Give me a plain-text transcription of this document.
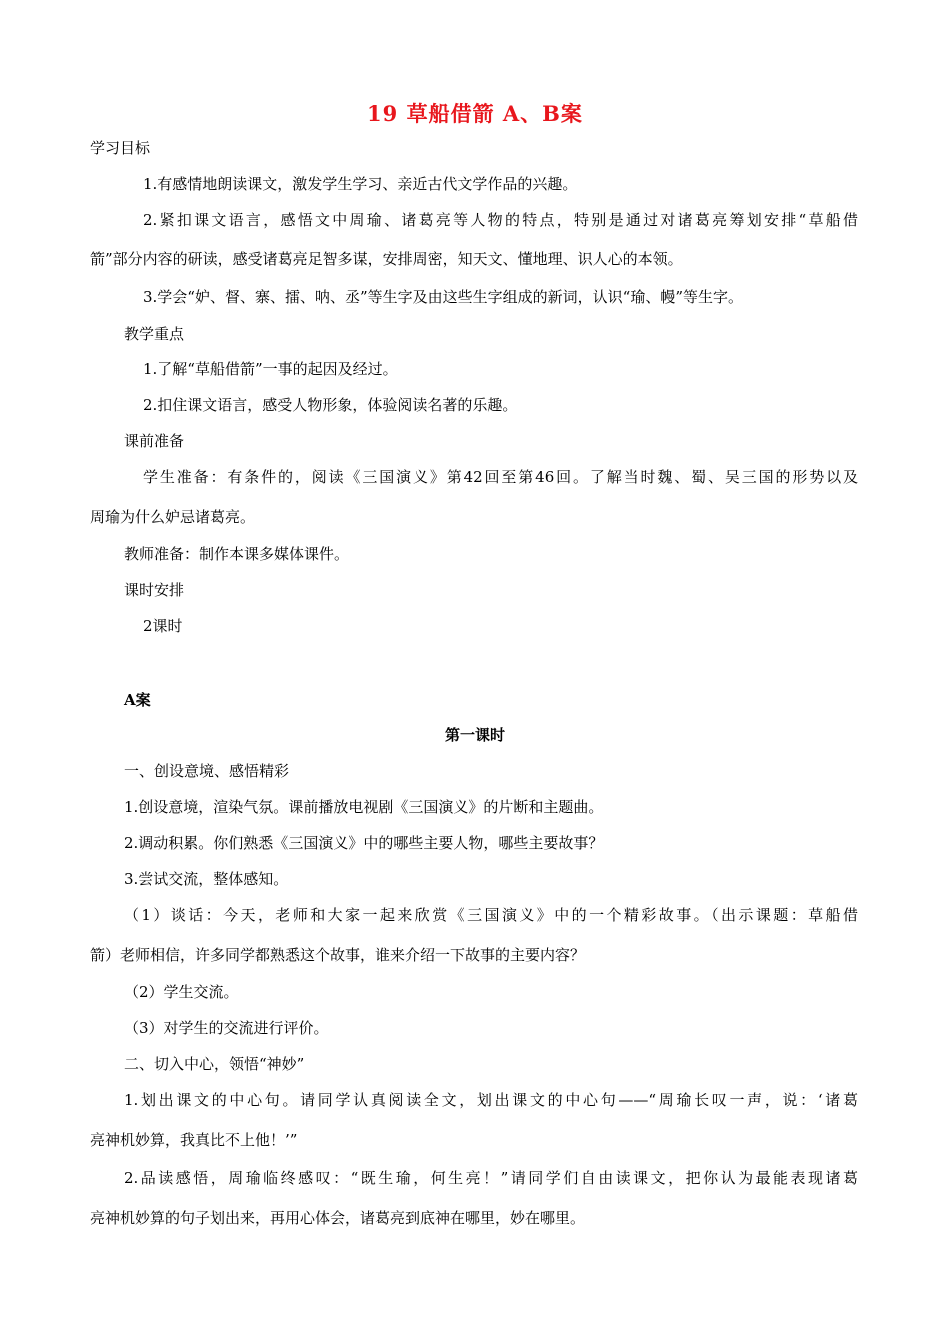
19 草船借箭 A、B案
学习目标
1.有感情地朗读课文，激发学生学习、亲近古代文学作品的兴趣。
2.紧扣课文语言，感悟文中周瑜、诸葛亮等人物的特点，特别是通过对诸葛亮筹划安排“草船借
箭”部分内容的研读，感受诸葛亮足智多谋，安排周密，知天文、懂地理、识人心的本领。
3.学会“妒、督、寨、擂、呐、丞”等生字及由这些生字组成的新词，认识“瑜、幔”等生字。
教学重点
1.了解“草船借箭”一事的起因及经过。
2.扣住课文语言，感受人物形象，体验阅读名著的乐趣。
课前准备
学生准备：有条件的，阅读《三国演义》第42回至第46回。了解当时魏、蜀、吴三国的形势以及
周瑜为什么妒忌诸葛亮。
教师准备：制作本课多媒体课件。
课时安排
2课时
A案
第一课时
一、创设意境、感悟精彩
1.创设意境，渲染气氛。课前播放电视剧《三国演义》的片断和主题曲。
2.调动积累。你们熟悉《三国演义》中的哪些主要人物，哪些主要故事？
3.尝试交流，整体感知。
（1）谈话：今天，老师和大家一起来欣赏《三国演义》中的一个精彩故事。（出示课题：草船借
箭）老师相信，许多同学都熟悉这个故事，谁来介绍一下故事的主要内容？
（2）学生交流。
（3）对学生的交流进行评价。
二、切入中心，领悟“神妙”
1.划出课文的中心句。请同学认真阅读全文，划出课文的中心句——“周瑜长叹一声，说：‘诸葛
亮神机妙算，我真比不上他！’”
2.品读感悟，周瑜临终感叹：“既生瑜，何生亮！”请同学们自由读课文，把你认为最能表现诸葛
亮神机妙算的句子划出来，再用心体会，诸葛亮到底神在哪里，妙在哪里。
